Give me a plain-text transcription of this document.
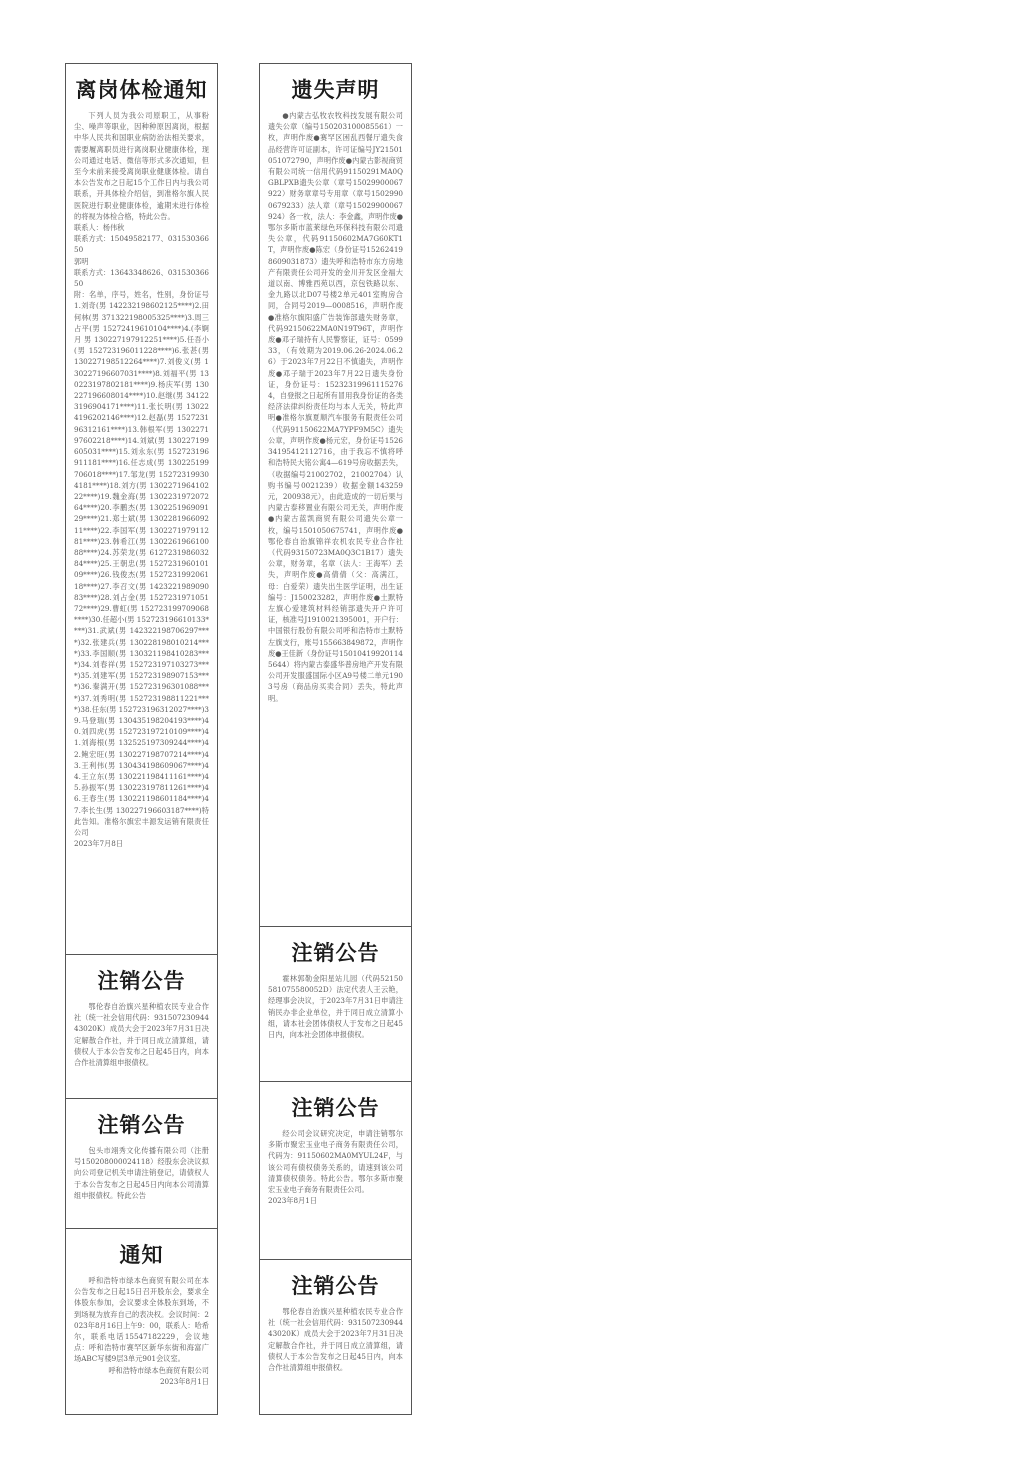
离岗体检通知

下列人员为我公司原职工，从事粉尘、噪声等职业，因种种原因离岗，根据中华人民共和国职业病防治法相关要求，需要履离职员进行离岗职业健康体检，现公司通过电话、微信等形式多次通知，但至今未前来接受离岗职业健康体检。请自本公告发布之日起15个工作日内与我公司联系，开具体检介绍信，到准格尔旗人民医院进行职业健康体检，逾期未进行体检的将视为体检合格，特此公告。

联系人：杨伟秋

联系方式：15049582177、03153036650

郭明

联系方式：13643348626、03153036650

附：名单，序号，姓名，性别，身份证号 1.刘奇(男 142232198602125****)2.田何林(男 371322198005325****)3.周三占平(男 15272419610104****)4.(李婀月 男 130227197912251****)5.任吾小(男 152723196011228****)6.张甚(男 130227198512264****)7.刘俊义(男 130227196607031****)8.刘福平(男 130223197802181****)9.杨庆军(男 130227196608014****)10.赵继(男 341223196904171****)11.张长明(男 130224196202146****)12.赵磊(男 152723196312161****)13.韩根军(男 130227197602218****)14.刘斌(男 130227199605031****)15.刘永东(男 152723196911181****)16.任志成(男 130225199706018****)17.邹龙(男 152723199304181****)18.刘方(男 130227196410222****)19.魏金海(男 130223197207264****)20.李鹏杰(男 130225196909129****)21.郑士斌(男 130228196609211****)22.李国军(男 130227197911281****)23.韩希江(男 130226196610088****)24.苏荣龙(男 612723198603284****)25.王朝忠(男 152723196010109****)26.钱俊杰(男 152723199206118****)27.李召文(男 142322198909083****)28.刘占金(男 152723197105172****)29.曹虹(男 152723199709068****)30.任超小(男 152723196610133****)31.武斌(男 142322198706297****)32.张建兵(男 130228198010214****)33.李国顺(男 130321198410283****)34.刘春祥(男 152723197103273****)35.刘建军(男 152723198907153****)36.秦满开(男 152723196301088****)37.刘秀明(男 152723198811221****)38.任东(男 152723196312027****)39.马登瑞(男 130435198204193****)40.刘四虎(男 152723197210109****)41.刘海根(男 132525197309244****)42.鲍宏旺(男 130227198707214****)43.王利伟(男 130434198609067****)44.王立东(男 130221198411161****)45.孙振军(男 130223197811261****)46.王春生(男 130221198601184****)47.李长生(男 130227196603187****)特此告知。准格尔旗宏丰源发运销有限责任公司

2023年7月8日

注销公告

鄂伦春自治旗兴星种植农民专业合作社（统一社会信用代码：93150723094443020K）成员大会于2023年7月31日决定解散合作社，并于同日成立清算组，请债权人于本公告发布之日起45日内，向本合作社清算组申报债权。

注销公告

包头市翊秀文化传播有限公司（注册号150208000024118）经股东会决议拟向公司登记机关申请注销登记，请债权人于本公告发布之日起45日内向本公司清算组申报债权。特此公告

通知

呼和浩特市绿本色商贸有限公司在本公告发布之日起15日召开股东会，要求全体股东参加，会议要求全体股东到场，不到场视为放弃自己的表决权。会议时间：2023年8月16日上午9：00，联系人：哈希尔，联系电话15547182229，会议地点：呼和浩特市赛罕区新华东街和海富广场ABC写楼9层3单元901会议室。

呼和浩特市绿本色商贸有限公司

2023年8月1日

遗失声明

●内蒙古弘牧农牧科技发展有限公司遗失公章（编号150203100085561）一枚，声明作废●赛罕区困乱西餐厅遗失食品经营许可证副本，许可证编号JY21501051072790，声明作废●内蒙古影视商贸有限公司统一信用代码91150291MA0QGBLPXB遗失公章（章号15029900067922）财务章章号专用章（章号15029900679233）法人章（章号15029900067924）各一枚，法人：李金鑫，声明作废●鄂尔多斯市蓝莱绿色环保科技有限公司遗失公章，代码91150602MA7G60KT1T，声明作废●陈宏（身份证号152624198609031873）遗失呼和浩特市东方房地产有限责任公司开发的金川开发区金福大道以南、博雅西苑以西，京包铁路以东、金九路以北D07号楼2单元401室购房合同，合同号2019—0008516，声明作废●准格尔旗阳盛广告装饰部遗失财务章，代码92150622MA0N19T96T，声明作废●邓子瑞持有人民警察证，证号：059933，（有效期为2019.06.26-2024.06.26）于2023年7月22日不慎遗失，声明作废●邓子瑞于2023年7月22日遗失身份证，身份证号：152323199611152764，自登报之日起所有冒用我身份证的各类经济法律纠纷责任均与本人无关，特此声明●准格尔旗夏顺汽车服务有限责任公司（代码91150622MA7YPF9M5C）遗失公章，声明作废●杨元宏，身份证号152634195412112716，由于我忘不慎将呼和浩特民大铭公寓4—619号房收据丢失，（收据编号21002702，21002704）认购书编号0021239）收据金额143259元，200938元），由此造成的一切后果与内蒙古泰移置业有限公司无关，声明作废●内蒙古蓝凯商贸有限公司遗失公章一枚，编号1501050675741，声明作废●鄂伦春自治旗锦祥农机农民专业合作社（代码93150723MA0Q3C1B17）遗失公章，财务章，名章（法人：王海军）丢失，声明作废●高倩倩（父：高满江，母：白爱荣）遗失出生医学证明，出生证编号：J150023282，声明作废●土默特左旗心爱建筑材料经销部遗失开户许可证，核准号J1910021395001，开户行：中国银行股份有限公司呼和浩特市土默特左旗支行，账号155663849872，声明作废●王佳新（身份证号150104199201145644）将内蒙古泰盛华普房地产开发有限公司开发服盛国际小区A9号楼二单元1903号房（商品房买卖合同）丢失，特此声明。

注销公告

霍林郭勒金阳星站儿园（代码52150581075580052D）法定代表人王云艳，经理事会决议，于2023年7月31日申请注销民办非企业单位，并于同日成立清算小组，请本社会团体债权人于发布之日起45日内，向本社会团体申报债权。

注销公告

经公司会议研究决定，申请注销鄂尔多斯市聚宏玉业电子商务有限责任公司，代码为：91150602MA0MYUL24F，与该公司有债权债务关系的，请速到该公司清算债权债务。特此公告。鄂尔多斯市聚宏玉业电子商务有限责任公司。

2023年8月1日

注销公告

鄂伦春自治旗兴星种植农民专业合作社（统一社会信用代码：93150723094443020K）成员大会于2023年7月31日决定解散合作社，并于同日成立清算组，请债权人于本公告发布之日起45日内，向本合作社清算组申报债权。
